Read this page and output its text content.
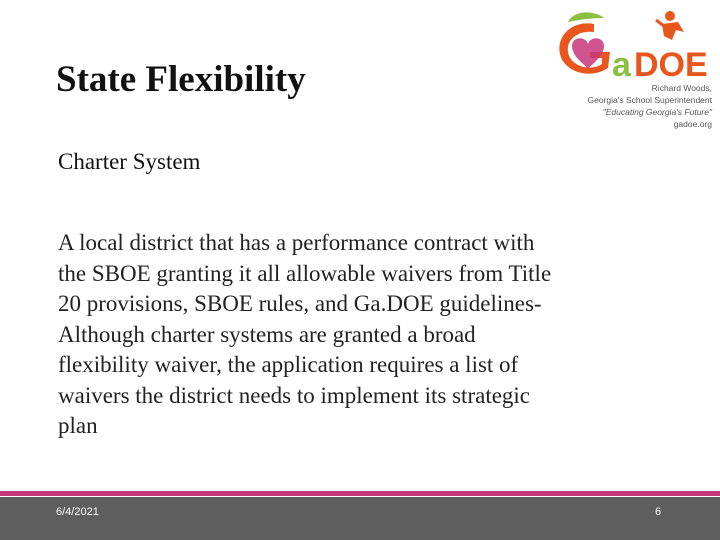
State Flexibility	a DOE
Richard Woods,
Georgia's School Superintendent
"Educating Georgia's Future"
gadoe.org
Charter System
A local district that has a performance contract with
the SBOE granting it all allowable waivers from Title
20 provisions, SBOE rules, and Ga.DOE guidelines-
Although charter systems are granted a broad
flexibility waiver, the application requires a list of
waivers the district needs to implement its strategic
plan
6/4/2021	6
